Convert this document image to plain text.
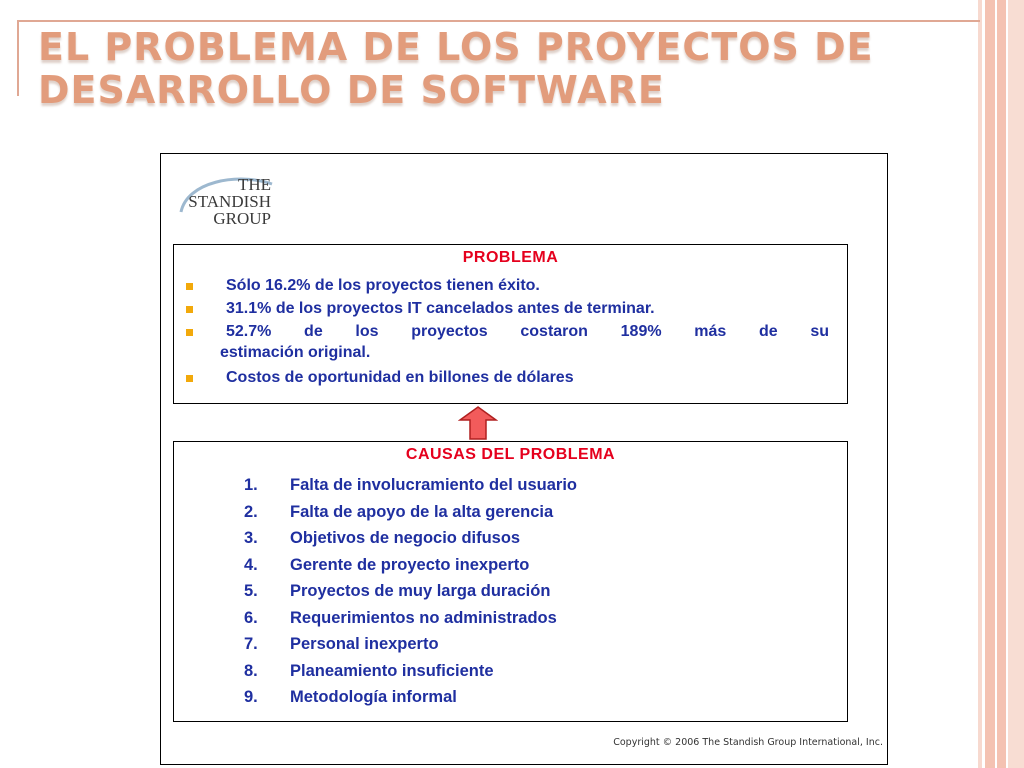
EL PROBLEMA DE LOS PROYECTOS DE
DESARROLLO DE SOFTWARE
THE
STANDISH
GROUP
PROBLEMA
Sólo 16.2% de los proyectos tienen éxito.
31.1% de los proyectos IT cancelados antes de terminar.
52.7% de los proyectos costaron 189% más de su
estimación original.
Costos de oportunidad en billones de dólares
CAUSAS DEL PROBLEMA
1. Falta de involucramiento del usuario
2. Falta de apoyo de la alta gerencia
3. Objetivos de negocio difusos
4. Gerente de proyecto inexperto
5. Proyectos de muy larga duración
6. Requerimientos no administrados
7. Personal inexperto
8. Planeamiento insuficiente
9. Metodología informal
Copyright © 2006 The Standish Group International, Inc.
